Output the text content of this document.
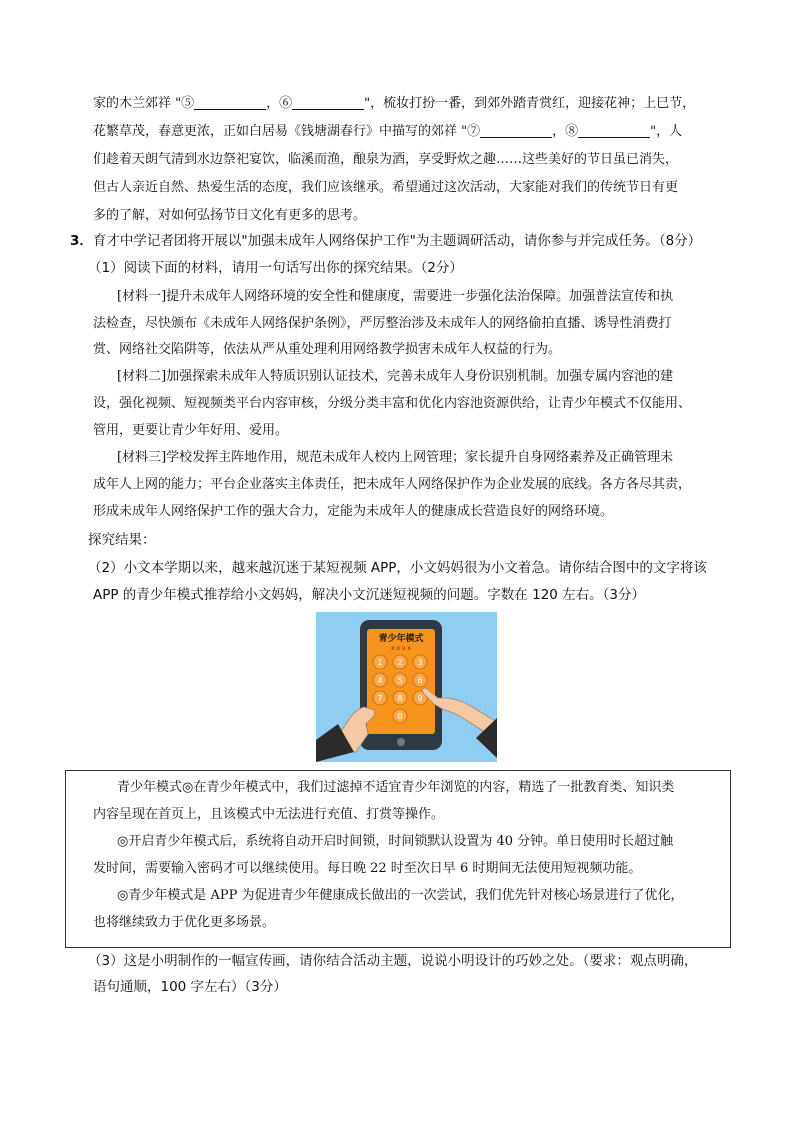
家的木兰郊祥 "⑤	，⑥	"，梳妆打扮一番，到郊外踏青赏红，迎接花神；上巳节，
花繁草茂，春意更浓，正如白居易《钱塘湖春行》中描写的郊祥 "⑦	，⑧	"，人
们趁着天朗气清到水边祭祀宴饮，临溪而渔，酿泉为酒，享受野炊之趣……这些美好的节日虽已消失，
但古人亲近自然、热爱生活的态度，我们应该继承。希望通过这次活动，大家能对我们的传统节日有更
多的了解，对如何弘扬节日文化有更多的思考。
3．育才中学记者团将开展以"加强未成年人网络保护工作"为主题调研活动，请你参与并完成任务。（8分）
（1）阅读下面的材料，请用一句话写出你的探究结果。（2分）
[材料一]提升未成年人网络环境的安全性和健康度，需要进一步强化法治保障。加强普法宣传和执
法检查，尽快颁布《未成年人网络保护条例》，严厉整治涉及未成年人的网络偷拍直播、诱导性消费打
赏、网络社交陷阱等，依法从严从重处理利用网络教学损害未成年人权益的行为。
[材料二]加强探索未成年人特质识别认证技术，完善未成年人身份识别机制。加强专属内容池的建
设，强化视频、短视频类平台内容审核，分级分类丰富和优化内容池资源供给，让青少年模式不仅能用、
管用，更要让青少年好用、爱用。
[材料三]学校发挥主阵地作用，规范未成年人校内上网管理；家长提升自身网络素养及正确管理未
成年人上网的能力；平台企业落实主体责任，把未成年人网络保护作为企业发展的底线。各方各尽其责，
形成未成年人网络保护工作的强大合力，定能为未成年人的健康成长营造良好的网络环境。
探究结果：
（2）小文本学期以来，越来越沉迷于某短视频 APP，小文妈妈很为小文着急。请你结合图中的文字将该
APP 的青少年模式推荐给小文妈妈，解决小文沉迷短视频的问题。字数在 120 左右。（3分）
青少年模式
x x x x
1 2 3
4 5 6
7 8 9
0
青少年模式◎在青少年模式中，我们过滤掉不适宜青少年浏览的内容，精选了一批教育类、知识类
内容呈现在首页上，且该模式中无法进行充值、打赏等操作。
◎开启青少年模式后，系统将自动开启时间锁，时间锁默认设置为 40 分钟。单日使用时长超过触
发时间，需要输入密码才可以继续使用。每日晚 22 时至次日早 6 时期间无法使用短视频功能。
◎青少年模式是 APP 为促进青少年健康成长做出的一次尝试，我们优先针对核心场景进行了优化，
也将继续致力于优化更多场景。
（3）这是小明制作的一幅宣传画，请你结合活动主题，说说小明设计的巧妙之处。（要求：观点明确，
语句通顺，100 字左右）（3分）
